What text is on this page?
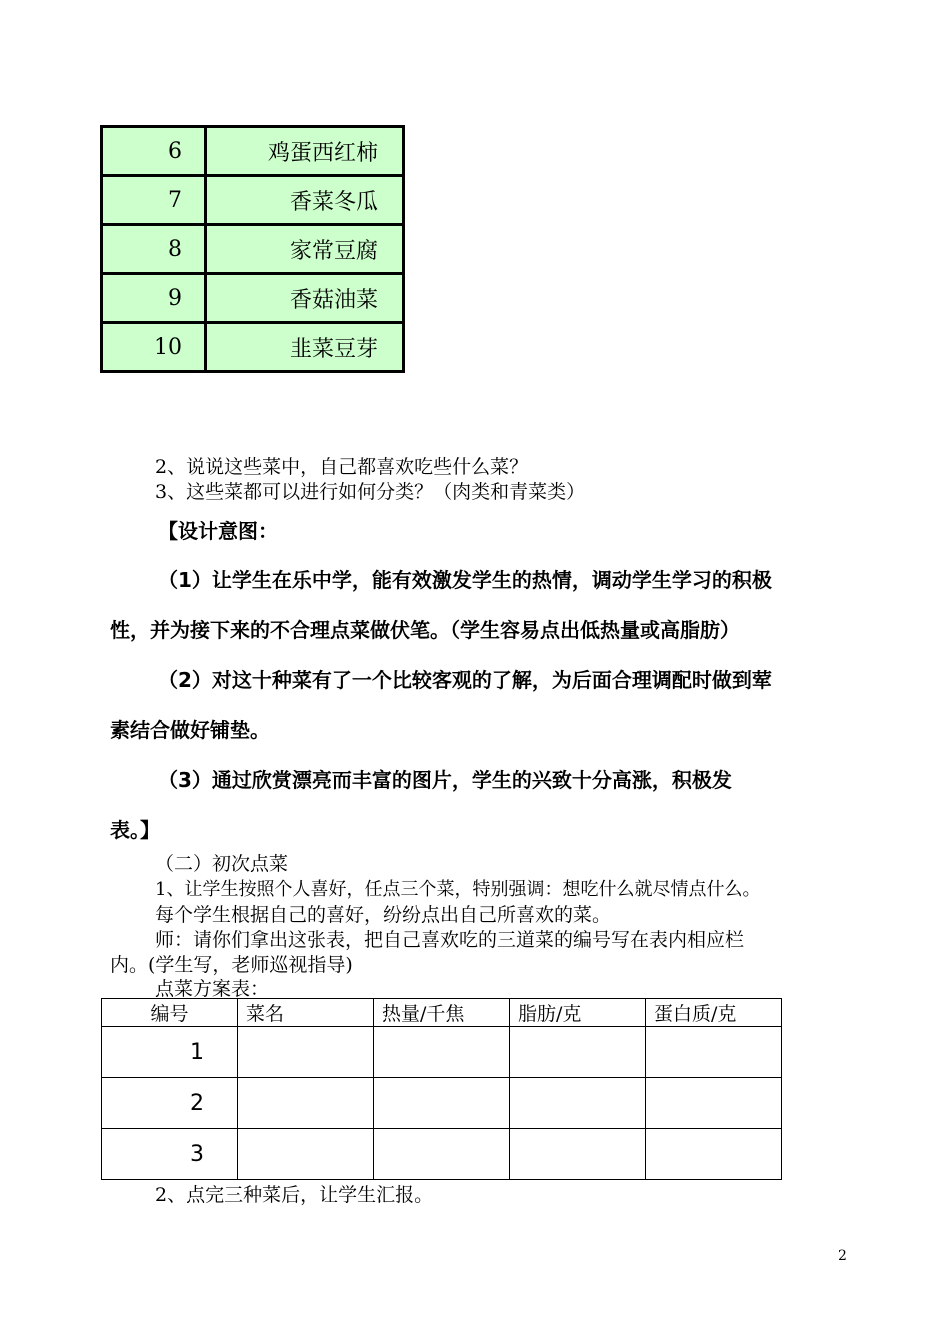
6	鸡蛋西红柿
7	香菜冬瓜
8	家常豆腐
9	香菇油菜
10	韭菜豆芽
2、说说这些菜中，自己都喜欢吃些什么菜？
3、这些菜都可以进行如何分类？（肉类和青菜类）
【设计意图：
（1）让学生在乐中学，能有效激发学生的热情，调动学生学习的积极
性，并为接下来的不合理点菜做伏笔。（学生容易点出低热量或高脂肪）
（2）对这十种菜有了一个比较客观的了解，为后面合理调配时做到荤
素结合做好铺垫。
（3）通过欣赏漂亮而丰富的图片，学生的兴致十分高涨，积极发
表。】
（二）初次点菜
1、让学生按照个人喜好，任点三个菜，特别强调：想吃什么就尽情点什么。
每个学生根据自己的喜好，纷纷点出自己所喜欢的菜。
师：请你们拿出这张表，把自己喜欢吃的三道菜的编号写在表内相应栏
内。(学生写，老师巡视指导)
点菜方案表：
编号	菜名	热量/千焦	脂肪/克	蛋白质/克
1				
2				
3				
2、点完三种菜后，让学生汇报。
2
